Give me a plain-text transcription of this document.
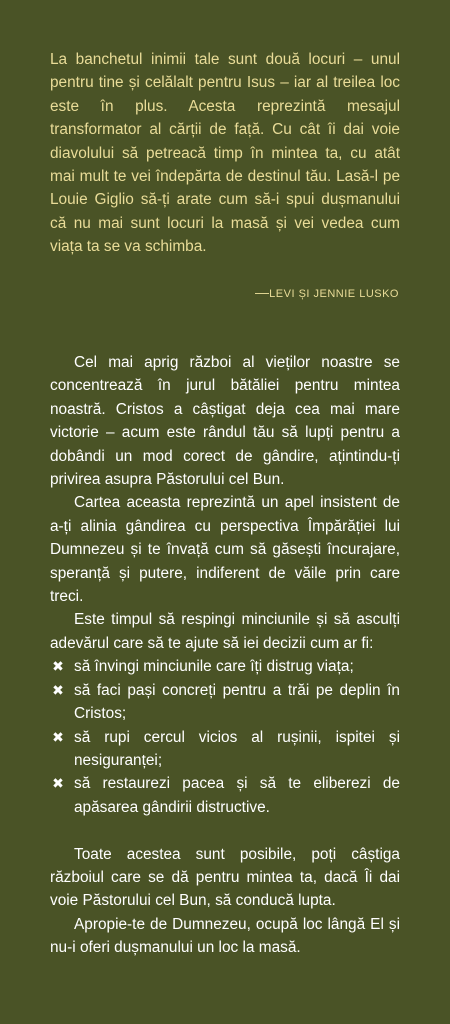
La banchetul inimii tale sunt două locuri – unul pentru tine și celălalt pentru Isus – iar al treilea loc este în plus. Acesta reprezintă mesajul transformator al cărții de față. Cu cât îi dai voie diavolului să petreacă timp în mintea ta, cu atât mai mult te vei îndepărta de destinul tău. Lasă-l pe Louie Giglio să-ți arate cum să-i spui dușmanului că nu mai sunt locuri la masă și vei vedea cum viața ta se va schimba.

—LEVI ȘI JENNIE LUSKO

Cel mai aprig război al vieților noastre se concentrează în jurul bătăliei pentru mintea noastră. Cristos a câștigat deja cea mai mare victorie – acum este rândul tău să lupți pentru a dobândi un mod corect de gândire, ațintindu-ți privirea asupra Păstorului cel Bun.

Cartea aceasta reprezintă un apel insistent de a-ți alinia gândirea cu perspectiva Împărăției lui Dumnezeu și te învață cum să găsești încurajare, speranță și putere, indiferent de văile prin care treci.

Este timpul să respingi minciunile și să asculți adevărul care să te ajute să iei decizii cum ar fi:

✖ să învingi minciunile care îți distrug viața;
✖ să faci pași concreți pentru a trăi pe deplin în Cristos;
✖ să rupi cercul vicios al rușinii, ispitei și nesiguranței;
✖ să restaurezi pacea și să te eliberezi de apăsarea gândirii distructive.

Toate acestea sunt posibile, poți câștiga războiul care se dă pentru mintea ta, dacă Îi dai voie Păstorului cel Bun, să conducă lupta.

Apropie-te de Dumnezeu, ocupă loc lângă El și nu-i oferi dușmanului un loc la masă.
